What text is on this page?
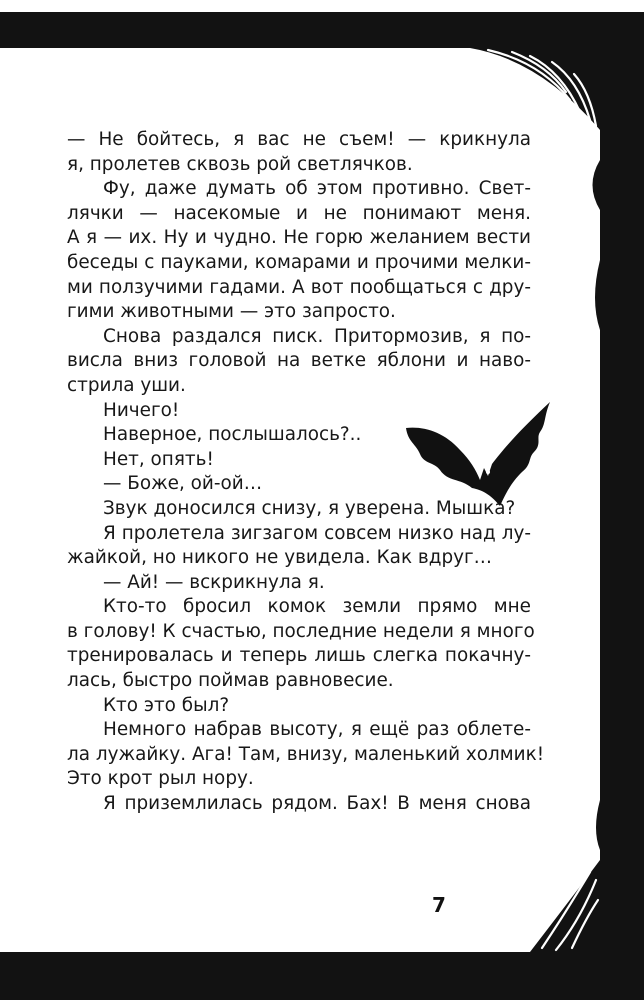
— Не бойтесь, я вас не съем! — крикнула

я, пролетев сквозь рой светлячков.

Фу, даже думать об этом противно. Свет-

лячки — насекомые и не понимают меня.

А я — их. Ну и чудно. Не горю желанием вести

беседы с пауками, комарами и прочими мелки-

ми ползучими гадами. А вот пообщаться с дру-

гими животными — это запросто.

Снова раздался писк. Притормозив, я по-

висла вниз головой на ветке яблони и наво-

стрила уши.

Ничего!

Наверное, послышалось?..

Нет, опять!

— Боже, ой-ой…

Звук доносился снизу, я уверена. Мышка?

Я пролетела зигзагом совсем низко над лу-

жайкой, но никого не увидела. Как вдруг…

— Ай! — вскрикнула я.

Кто-то бросил комок земли прямо мне

в голову! К счастью, последние недели я много

тренировалась и теперь лишь слегка покачну-

лась, быстро поймав равновесие.

Кто это был?

Немного набрав высоту, я ещё раз облете-

ла лужайку. Ага! Там, внизу, маленький холмик!

Это крот рыл нору.

Я приземлилась рядом. Бах! В меня снова

7
